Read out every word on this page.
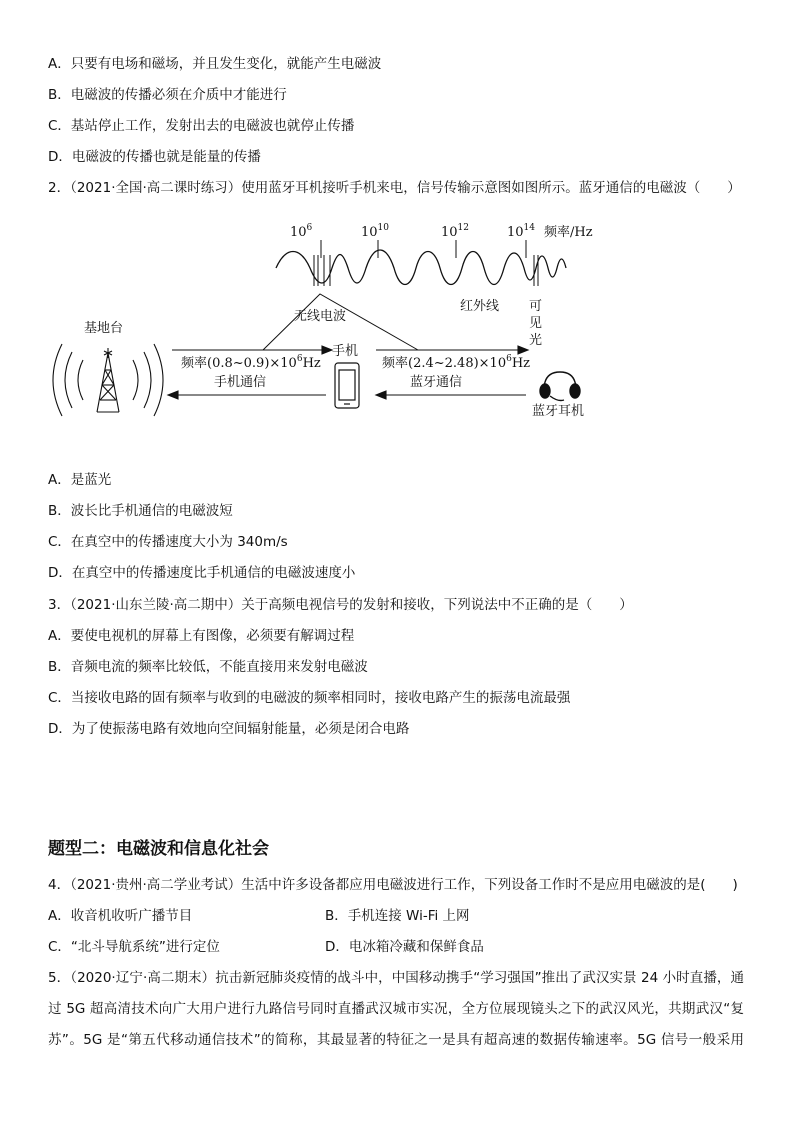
A．只要有电场和磁场，并且发生变化，就能产生电磁波
B．电磁波的传播必须在介质中才能进行
C．基站停止工作，发射出去的电磁波也就停止传播
D．电磁波的传播也就是能量的传播
2．（2021·全国·高二课时练习）使用蓝牙耳机接听手机来电，信号传输示意图如图所示。蓝牙通信的电磁波（　　）
$10^6$	$10^{10}$	$10^{12}$	$10^{14}$ 频率/Hz
无线电波
红外线 可
见
光
基地台
频率$(0.8\sim 0.9)\times 10^6Hz$
手机通信
手机
频率$(2.4\sim 2.48)\times 10^6Hz$
蓝牙通信
蓝牙耳机
A．是蓝光
B．波长比手机通信的电磁波短
C．在真空中的传播速度大小为 340m/s
D．在真空中的传播速度比手机通信的电磁波速度小
3．（2021·山东兰陵·高二期中）关于高频电视信号的发射和接收，下列说法中不正确的是（　　）
A．要使电视机的屏幕上有图像，必须要有解调过程
B．音频电流的频率比较低，不能直接用来发射电磁波
C．当接收电路的固有频率与收到的电磁波的频率相同时，接收电路产生的振荡电流最强
D．为了使振荡电路有效地向空间辐射能量，必须是闭合电路
题型二：电磁波和信息化社会
4．（2021·贵州·高二学业考试）生活中许多设备都应用电磁波进行工作，下列设备工作时不是应用电磁波的是(　　)
A．收音机收听广播节目	B．手机连接 Wi-Fi 上网
C．“北斗导航系统”进行定位	D．电冰箱冷藏和保鲜食品
5．（2020·辽宁·高二期末）抗击新冠肺炎疫情的战斗中，中国移动携手“学习强国”推出了武汉实景 24 小时直播，通
过 5G 超高清技术向广大用户进行九路信号同时直播武汉城市实况，全方位展现镜头之下的武汉风光，共期武汉“复
苏”。5G 是“第五代移动通信技术”的简称，其最显著的特征之一是具有超高速的数据传输速率。5G 信号一般采用
